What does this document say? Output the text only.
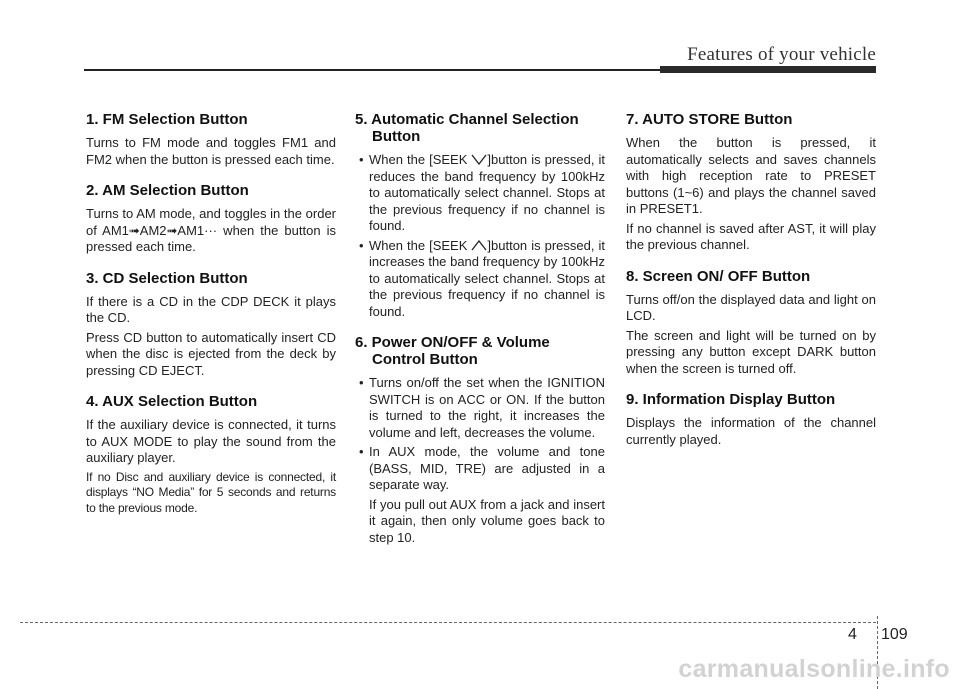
Features of your vehicle
1. FM Selection Button
Turns to FM mode and toggles FM1 and FM2 when the button is pressed each time.
2. AM Selection Button
Turns to AM mode, and toggles in the order of AM1➟AM2➟AM1··· when the button is pressed each time.
3. CD Selection Button
If there is a CD in the CDP DECK it plays the CD.
Press CD button to automatically insert CD when the disc is ejected from the deck by pressing CD EJECT.
4. AUX Selection Button
If the auxiliary device is connected, it turns to AUX MODE to play the sound from the auxiliary player.
If no Disc and auxiliary device is connected, it displays “NO Media” for 5 seconds and returns to the previous mode.
5. Automatic Channel Selection
Button
• When the [SEEK
]button is pressed, it reduces the band frequency by 100kHz to automatically select channel. Stops at the previous frequency if no channel is found.
• When the [SEEK
]button is pressed, it increases the band frequency by 100kHz to automatically select channel. Stops at the previous frequency if no channel is found.
6. Power ON/OFF & Volume
Control Button
• Turns on/off the set when the IGNITION SWITCH is on ACC or ON. If the button is turned to the right, it increases the volume and left, decreases the volume.
• In AUX mode, the volume and tone (BASS, MID, TRE) are adjusted in a separate way.
If you pull out AUX from a jack and insert it again, then only volume goes back to step 10.
7. AUTO STORE Button
When the button is pressed, it automatically selects and saves channels with high reception rate to PRESET buttons (1~6) and plays the channel saved in PRESET1.
If no channel is saved after AST, it will play the previous channel.
8. Screen ON/ OFF Button
Turns off/on the displayed data and light on LCD.
The screen and light will be turned on by pressing any button except DARK button when the screen is turned off.
9. Information Display Button
Displays the information of the channel currently played.
4 109
carmanualsonline.info
